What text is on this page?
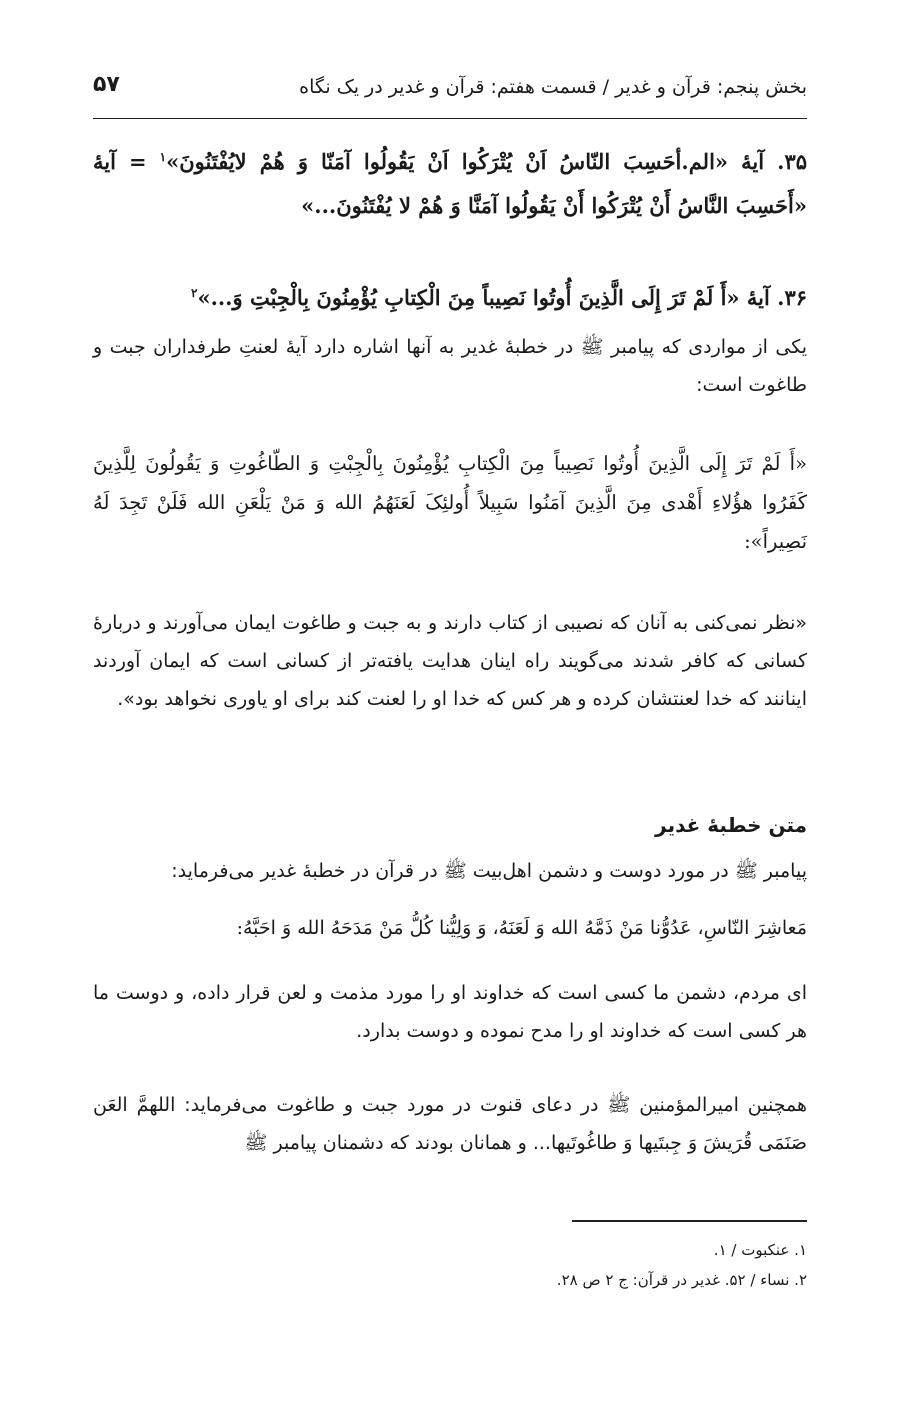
بخش پنجم: قرآن و غدیر / قسمت هفتم: قرآن و غدیر در یک نگاه
۵۷
۳۵. آیهٔ «الم.أحَسِبَ النّاسُ اَنْ یُتْرَکُوا اَنْ یَقُولُوا آمَنّا وَ هُمْ لایُفْتَنُونَ»$^۱$ = آیهٔ «أَحَسِبَ النَّاسُ أَنْ یُتْرَکُوا أَنْ یَقُولُوا آمَنَّا وَ هُمْ لا یُفْتَنُونَ...»
۳۶. آیهٔ «أَ لَمْ تَرَ إِلَی الَّذِینَ أُوتُوا نَصِیباً مِنَ الْکِتابِ یُؤْمِنُونَ بِالْجِبْتِ وَ...»$^۲$
یکی از مواردی که پیامبر ﷺ در خطبهٔ غدیر به آنها اشاره دارد آیهٔ لعنتِ طرفداران جبت و طاغوت است:
«أَ لَمْ تَرَ إِلَی الَّذِینَ أُوتُوا نَصِیباً مِنَ الْکِتابِ یُؤْمِنُونَ بِالْجِبْتِ وَ الطّاغُوتِ وَ یَقُولُونَ لِلَّذِینَ کَفَرُوا هؤُلاءِ أَهْدی مِنَ الَّذِینَ آمَنُوا سَبِیلاً أُولئِکَ لَعَنَهُمُ الله وَ مَنْ یَلْعَنِ الله فَلَنْ تَجِدَ لَهُ نَصِیراً»:
«نظر نمی‌کنی به آنان که نصیبی از کتاب دارند و به جبت و طاغوت ایمان می‌آورند و دربارهٔ کسانی که کافر شدند می‌گویند راه اینان هدایت یافته‌تر از کسانی است که ایمان آوردند اینانند که خدا لعنتشان کرده و هر کس که خدا او را لعنت کند برای او یاوری نخواهد بود».
متن خطبهٔ غدیر
پیامبر ﷺ در مورد دوست و دشمن اهل‌بیت ﷺ در قرآن در خطبهٔ غدیر می‌فرماید:
مَعاشِرَ النّاسِ، عَدُوُّنا مَنْ ذَمَّهُ الله وَ لَعَنَهُ، وَ وَلِیُّنا کُلُّ مَنْ مَدَحَهُ الله وَ احَبَّهُ:
ای مردم، دشمن ما کسی است که خداوند او را مورد مذمت و لعن قرار داده، و دوست ما هر کسی است که خداوند او را مدح نموده و دوست بدارد.
همچنین امیرالمؤمنین ﷺ در دعای قنوت در مورد جبت و طاغوت می‌فرماید: اللهمَّ العَن صَنَمَی قُرَیشَ وَ جِبتَیها وَ طاغُوتَیها... و همانان بودند که دشمنان پیامبر ﷺ
۱. عنکبوت / ۱.
۲. نساء / ۵۲. غدیر در قرآن: ج ۲ ص ۲۸.
